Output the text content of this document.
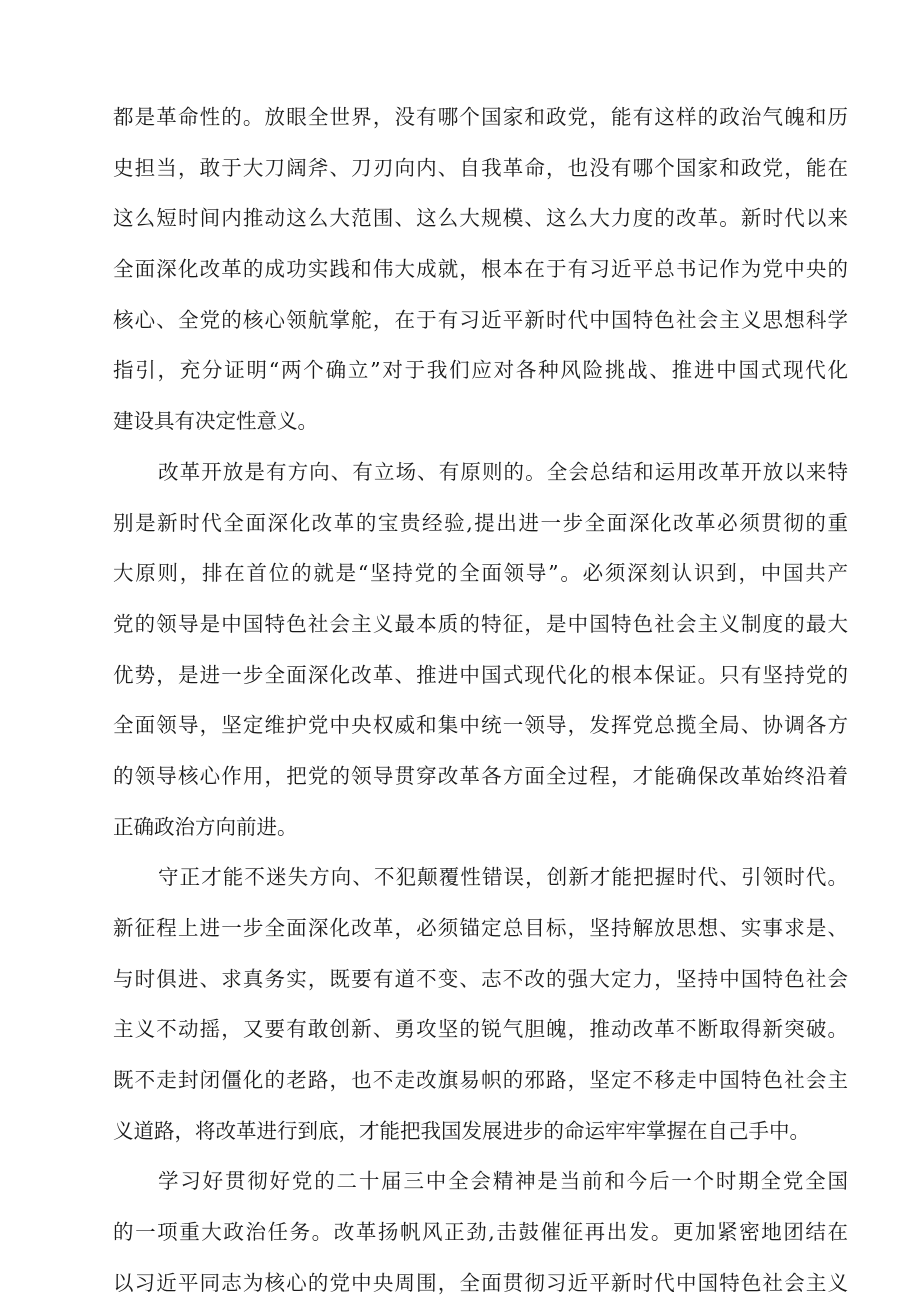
都是革命性的。放眼全世界，没有哪个国家和政党，能有这样的政治气魄和历
史担当，敢于大刀阔斧、刀刃向内、自我革命，也没有哪个国家和政党，能在
这么短时间内推动这么大范围、这么大规模、这么大力度的改革。新时代以来
全面深化改革的成功实践和伟大成就，根本在于有习近平总书记作为党中央的
核心、全党的核心领航掌舵，在于有习近平新时代中国特色社会主义思想科学
指引，充分证明“两个确立”对于我们应对各种风险挑战、推进中国式现代化
建设具有决定性意义。
改革开放是有方向、有立场、有原则的。全会总结和运用改革开放以来特
别是新时代全面深化改革的宝贵经验,提出进一步全面深化改革必须贯彻的重
大原则，排在首位的就是“坚持党的全面领导”。必须深刻认识到，中国共产
党的领导是中国特色社会主义最本质的特征，是中国特色社会主义制度的最大
优势，是进一步全面深化改革、推进中国式现代化的根本保证。只有坚持党的
全面领导，坚定维护党中央权威和集中统一领导，发挥党总揽全局、协调各方
的领导核心作用，把党的领导贯穿改革各方面全过程，才能确保改革始终沿着
正确政治方向前进。
守正才能不迷失方向、不犯颠覆性错误，创新才能把握时代、引领时代。
新征程上进一步全面深化改革，必须锚定总目标，坚持解放思想、实事求是、
与时俱进、求真务实，既要有道不变、志不改的强大定力，坚持中国特色社会
主义不动摇，又要有敢创新、勇攻坚的锐气胆魄，推动改革不断取得新突破。
既不走封闭僵化的老路，也不走改旗易帜的邪路，坚定不移走中国特色社会主
义道路，将改革进行到底，才能把我国发展进步的命运牢牢掌握在自己手中。
学习好贯彻好党的二十届三中全会精神是当前和今后一个时期全党全国
的一项重大政治任务。改革扬帆风正劲,击鼓催征再出发。更加紧密地团结在
以习近平同志为核心的党中央周围，全面贯彻习近平新时代中国特色社会主义
